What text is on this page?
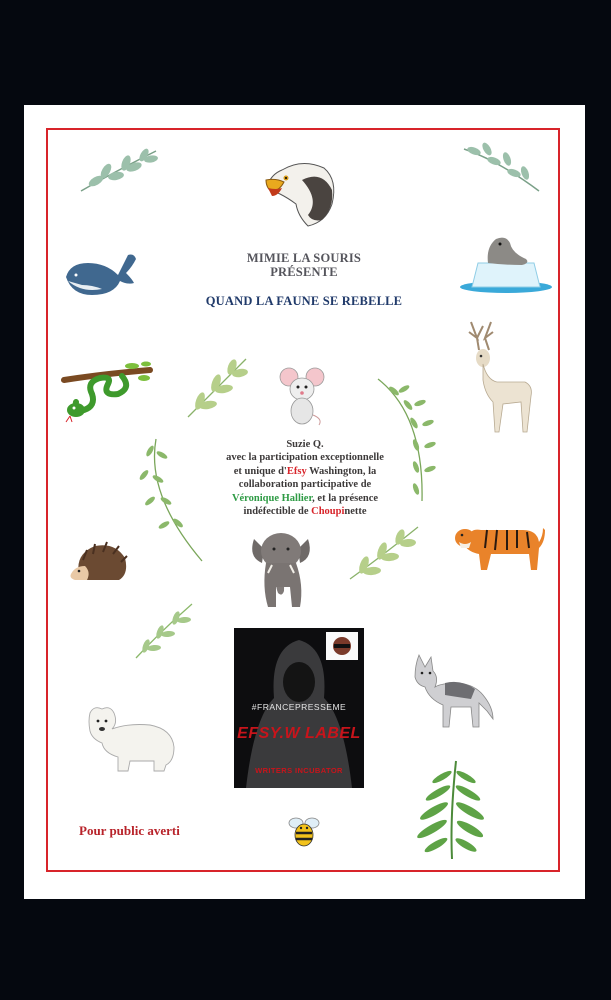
MIMIE LA SOURIS
PRÉSENTE
QUAND LA FAUNE SE REBELLE
Suzie Q.
avec la participation exceptionnelle
et unique d'Efsy Washington, la
collaboration participative de
Véronique Hallier, et la présence
indéfectible de Choupinette
#FRANCEPRESSEME
EFSY.W LABEL
WRITERS INCUBATOR
Pour public averti
